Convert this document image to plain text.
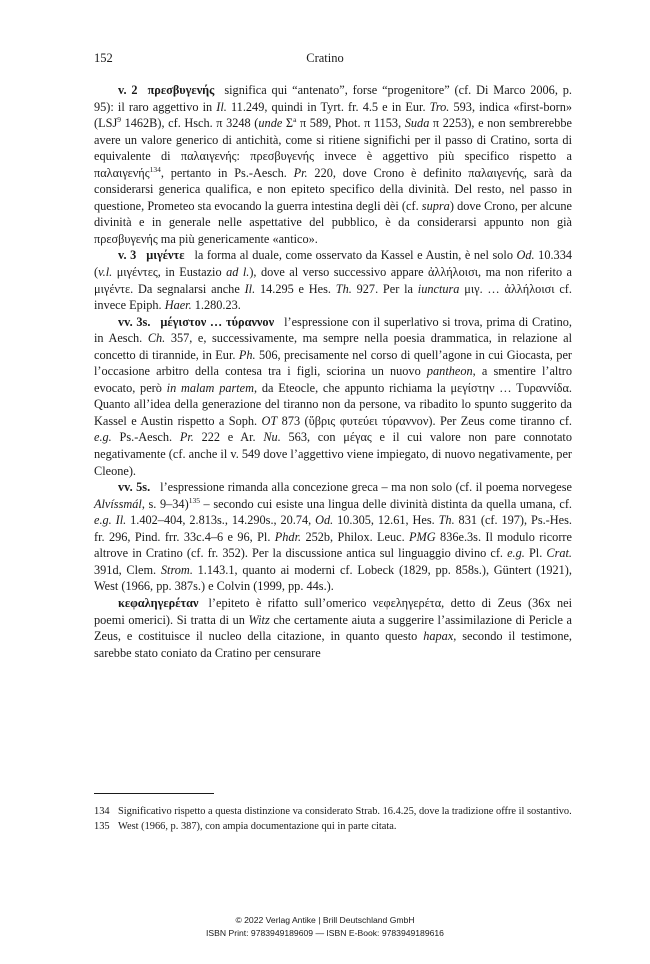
152	Cratino

v. 2 πρεσβυγενής significa qui “antenato”, forse “progenitore” (cf. Di Marco 2006, p. 95): il raro aggettivo in Il. 11.249, quindi in Tyrt. fr. 4.5 e in Eur. Tro. 593, indica «first-born» (LSJ$^9$ 1462B), cf. Hsch. π 3248 (unde $\Sigma^a$ π 589, Phot. π 1153, Suda π 2253), e non sembrerebbe avere un valore generico di antichità, come si ritiene significhi per il passo di Cratino, sorta di equivalente di παλαιγενής: πρεσβυγενής invece è aggettivo più specifico rispetto a παλαιγενής$^{134}$, pertanto in Ps.-Aesch. Pr. 220, dove Crono è definito παλαιγενής, sarà da considerarsi generica qualifica, e non epiteto specifico della divinità. Del resto, nel passo in questione, Prometeo sta evocando la guerra intestina degli dèi (cf. supra) dove Crono, per alcune divinità e in generale nelle aspettative del pubblico, è da considerarsi appunto non già πρεσβυγενής ma più genericamente «antico».

v. 3 μιγέντε la forma al duale, come osservato da Kassel e Austin, è nel solo Od. 10.334 (v.l. μιγέντες, in Eustazio ad l.), dove al verso successivo appare ἀλλήλοισι, ma non riferito a μιγέντε. Da segnalarsi anche Il. 14.295 e Hes. Th. 927. Per la iunctura μιγ. … ἀλλήλοισι cf. invece Epiph. Haer. 1.280.23.

vv. 3s. μέγιστον … τύραννον l’espressione con il superlativo si trova, prima di Cratino, in Aesch. Ch. 357, e, successivamente, ma sempre nella poesia drammatica, in relazione al concetto di tirannide, in Eur. Ph. 506, precisamente nel corso di quell’agone in cui Giocasta, per l’occasione arbitro della contesa tra i figli, sciorina un nuovo pantheon, a smentire l’altro evocato, però in malam partem, da Eteocle, che appunto richiama la μεγίστην … Τυραννίδα. Quanto all’idea della generazione del tiranno non da persone, va ribadito lo spunto suggerito da Kassel e Austin rispetto a Soph. OT 873 (ὕβρις φυτεύει τύραννον). Per Zeus come tiranno cf. e.g. Ps.-Aesch. Pr. 222 e Ar. Nu. 563, con μέγας e il cui valore non pare connotato negativamente (cf. anche il v. 549 dove l’aggettivo viene impiegato, di nuovo negativamente, per Cleone).

vv. 5s. l’espressione rimanda alla concezione greca – ma non solo (cf. il poema norvegese Alvíssmál, s. 9–34)$^{135}$ – secondo cui esiste una lingua delle divinità distinta da quella umana, cf. e.g. Il. 1.402–404, 2.813s., 14.290s., 20.74, Od. 10.305, 12.61, Hes. Th. 831 (cf. 197), Ps.-Hes. fr. 296, Pind. frr. 33c.4–6 e 96, Pl. Phdr. 252b, Philox. Leuc. PMG 836e.3s. Il modulo ricorre altrove in Cratino (cf. fr. 352). Per la discussione antica sul linguaggio divino cf. e.g. Pl. Crat. 391d, Clem. Strom. 1.143.1, quanto ai moderni cf. Lobeck (1829, pp. 858s.), Güntert (1921), West (1966, pp. 387s.) e Colvin (1999, pp. 44s.).

κεφαληγερέταν l’epiteto è rifatto sull’omerico νεφεληγερέτα, detto di Zeus (36x nei poemi omerici). Si tratta di un Witz che certamente aiuta a suggerire l’assimilazione di Pericle a Zeus, e costituisce il nucleo della citazione, in quanto questo hapax, secondo il testimone, sarebbe stato coniato da Cratino per censurare

134 Significativo rispetto a questa distinzione va considerato Strab. 16.4.25, dove la tradizione offre il sostantivo.
135 West (1966, p. 387), con ampia documentazione qui in parte citata.
© 2022 Verlag Antike | Brill Deutschland GmbH
ISBN Print: 9783949189609 — ISBN E-Book: 9783949189616
